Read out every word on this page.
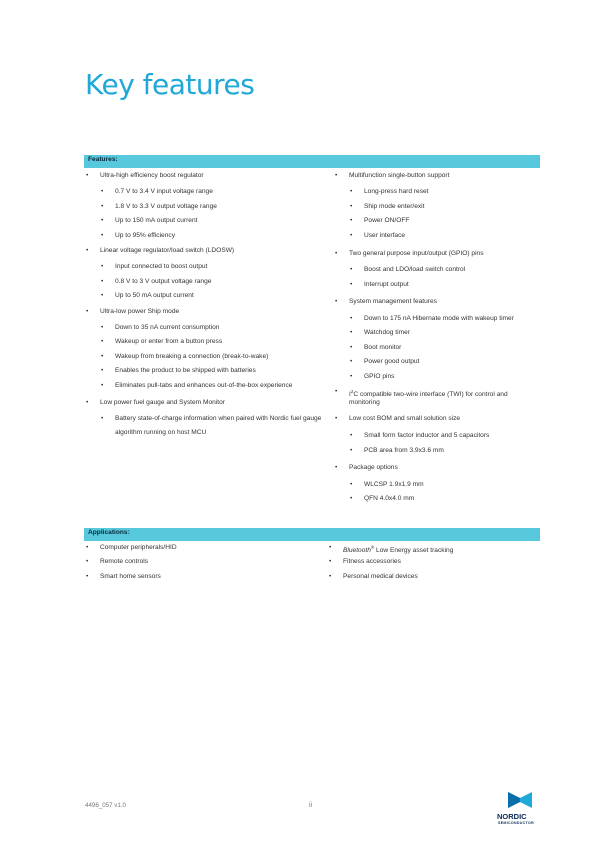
Key features
Features:
• Ultra-high efficiency boost regulator
• 0.7 V to 3.4 V input voltage range
• 1.8 V to 3.3 V output voltage range
• Up to 150 mA output current
• Up to 95% efficiency
• Linear voltage regulator/load switch (LDOSW)
• Input connected to boost output
• 0.8 V to 3 V output voltage range
• Up to 50 mA output current
• Ultra-low power Ship mode
• Down to 35 nA current consumption
• Wakeup or enter from a button press
• Wakeup from breaking a connection (break-to-wake)
• Enables the product to be shipped with batteries
• Eliminates pull-tabs and enhances out-of-the-box experience
• Low power fuel gauge and System Monitor
• Battery state-of-charge information when paired with Nordic fuel gauge
algorithm running on host MCU
• Multifunction single-button support
• Long-press hard reset
• Ship mode enter/exit
• Power ON/OFF
• User interface
• Two general purpose input/output (GPIO) pins
• Boost and LDO/load switch control
• Interrupt output
• System management features
• Down to 175 nA Hibernate mode with wakeup timer
• Watchdog timer
• Boot monitor
• Power good output
• GPIO pins
• $I^2C$ compatible two-wire interface (TWI) for control and
monitoring
• Low cost BOM and small solution size
• Small form factor inductor and 5 capacitors
• PCB area from 3.9x3.6 mm
• Package options
• WLCSP 1.9x1.9 mm
• QFN 4.0x4.0 mm
Applications:
• Computer peripherals/HID
• Remote controls
• Smart home sensors
• Bluetooth® Low Energy asset tracking
• Fitness accessories
• Personal medical devices
4496_057 v1.0	ii
NORDIC
SEMICONDUCTOR
